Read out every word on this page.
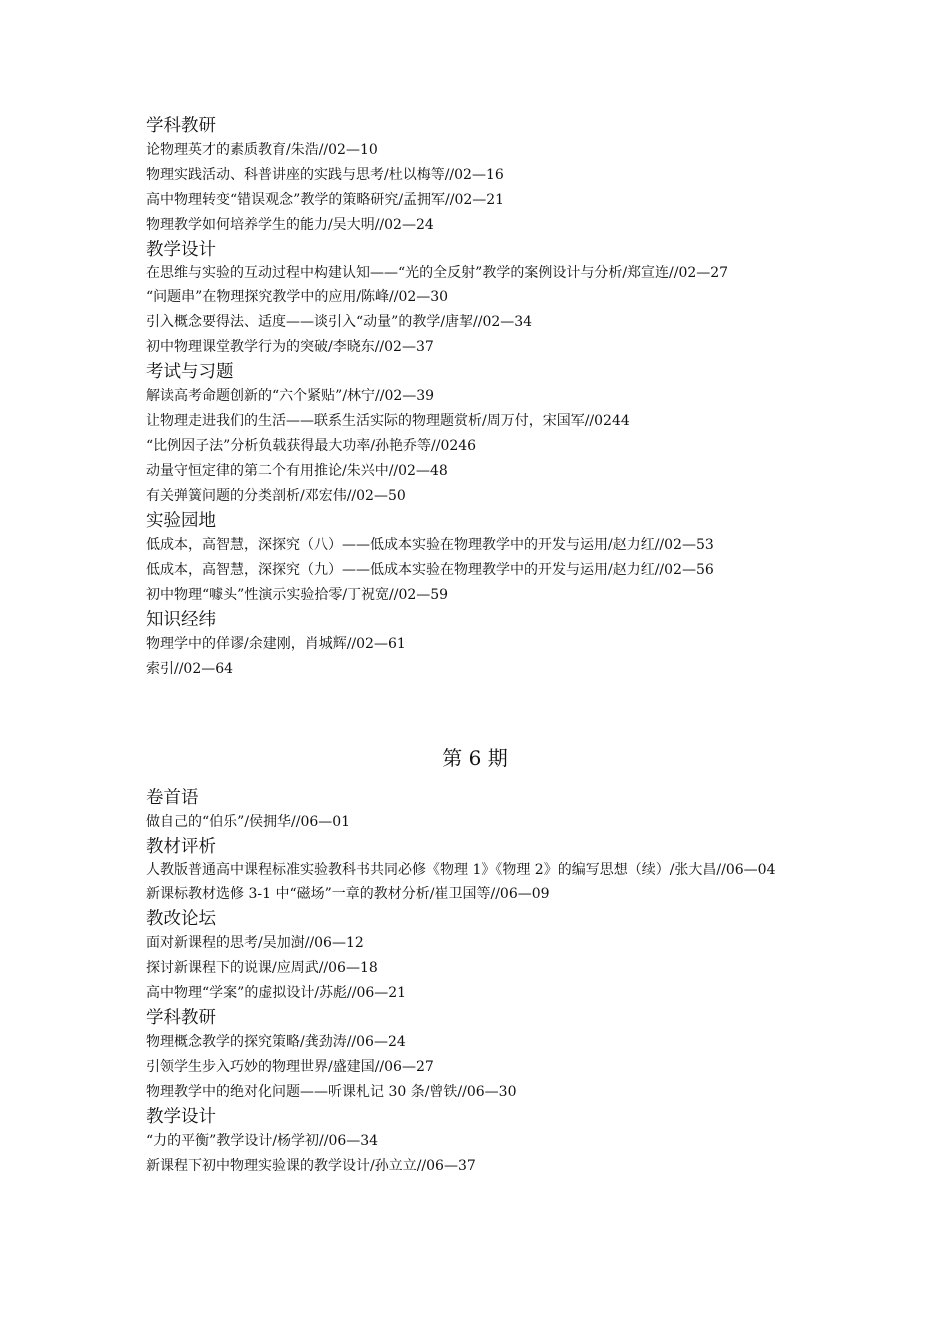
学科教研
论物理英才的素质教育/朱浩//02—10
物理实践活动、科普讲座的实践与思考/杜以梅等//02—16
高中物理转变“错误观念”教学的策略研究/孟拥军//02—21
物理教学如何培养学生的能力/吴大明//02—24
教学设计
在思维与实验的互动过程中构建认知——“光的全反射”教学的案例设计与分析/郑宣连//02—27
“问题串”在物理探究教学中的应用/陈峰//02—30
引入概念要得法、适度——谈引入“动量”的教学/唐挈//02—34
初中物理课堂教学行为的突破/李晓东//02—37
考试与习题
解读高考命题创新的“六个紧贴”/林宁//02—39
让物理走进我们的生活——联系生活实际的物理题赏析/周万付，宋国军//0244
“比例因子法”分析负载获得最大功率/孙艳乔等//0246
动量守恒定律的第二个有用推论/朱兴中//02—48
有关弹簧问题的分类剖析/邓宏伟//02—50
实验园地
低成本，高智慧，深探究（八）——低成本实验在物理教学中的开发与运用/赵力红//02—53
低成本，高智慧，深探究（九）——低成本实验在物理教学中的开发与运用/赵力红//02—56
初中物理“噱头”性演示实验拾零/丁祝宽//02—59
知识经纬
物理学中的佯谬/余建刚，肖城辉//02—61
索引//02—64
第 6 期
卷首语
做自己的“伯乐”/侯拥华//06—01
教材评析
人教版普通高中课程标准实验教科书共同必修《物理 1》《物理 2》的编写思想（续）/张大昌//06—04
新课标教材选修 3-1 中“磁场”一章的教材分析/崔卫国等//06—09
教改论坛
面对新课程的思考/吴加澍//06—12
探讨新课程下的说课/应周武//06—18
高中物理“学案”的虚拟设计/苏彪//06—21
学科教研
物理概念教学的探究策略/龚劲涛//06—24
引领学生步入巧妙的物理世界/盛建国//06—27
物理教学中的绝对化问题——听课札记 30 条/曾铁//06—30
教学设计
“力的平衡”教学设计/杨学初//06—34
新课程下初中物理实验课的教学设计/孙立立//06—37
